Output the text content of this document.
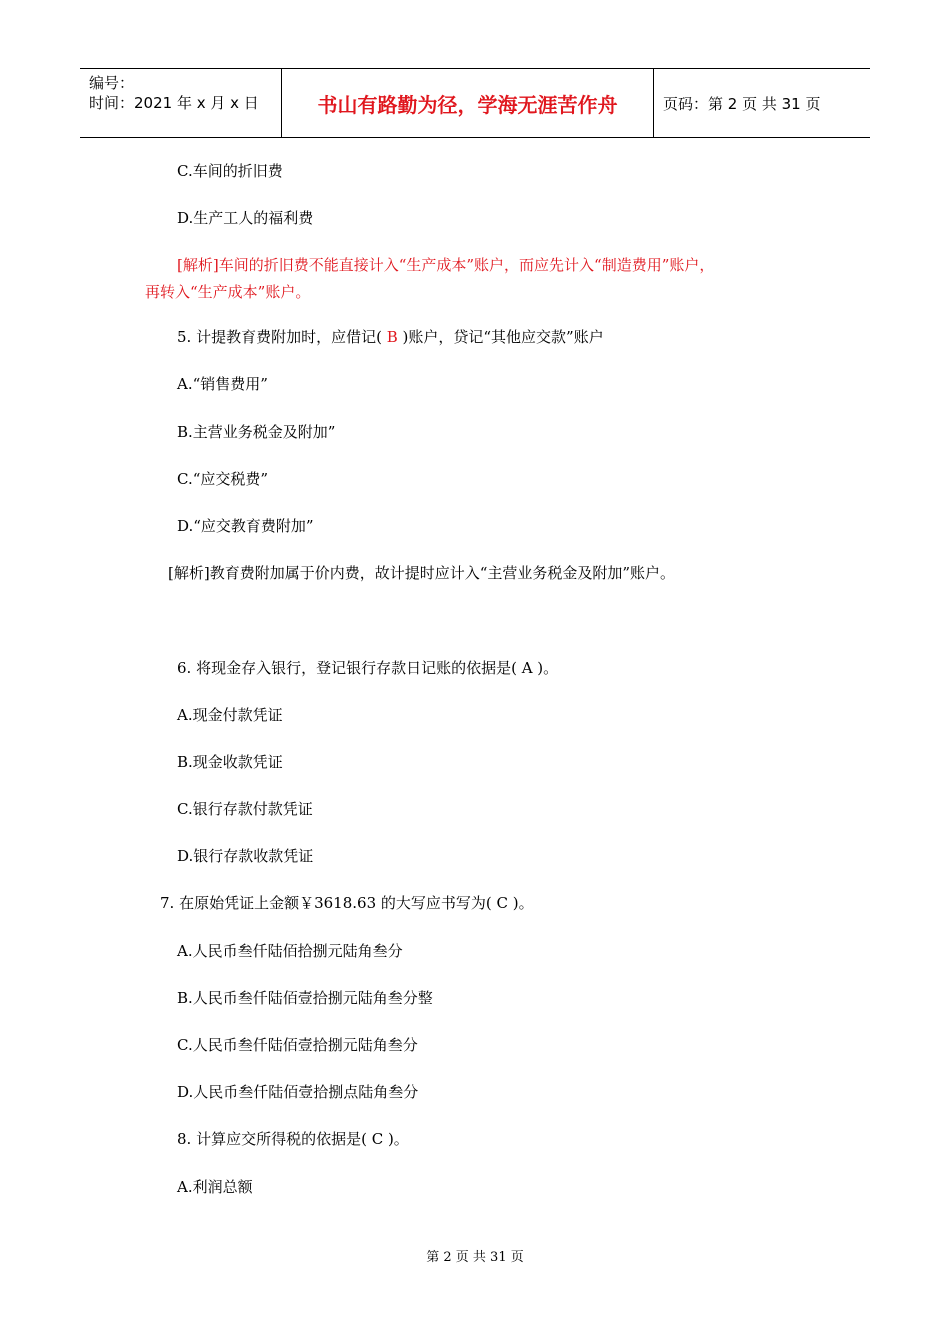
编号：
时间：2021 年 x 月 x 日	书山有路勤为径，学海无涯苦作舟	页码：第 2 页 共 31 页
C.车间的折旧费
D.生产工人的福利费
[解析]车间的折旧费不能直接计入“生产成本”账户，而应先计入“制造费用”账户，
再转入“生产成本”账户。
5. 计提教育费附加时，应借记( B )账户，贷记“其他应交款”账户
A.“销售费用”
B.主营业务税金及附加”
C.“应交税费”
D.“应交教育费附加”
[解析]教育费附加属于价内费，故计提时应计入“主营业务税金及附加”账户。
6. 将现金存入银行，登记银行存款日记账的依据是( A )。
A.现金付款凭证
B.现金收款凭证
C.银行存款付款凭证
D.银行存款收款凭证
7. 在原始凭证上金额￥3618.63 的大写应书写为( C )。
A.人民币叁仟陆佰拾捌元陆角叁分
B.人民币叁仟陆佰壹拾捌元陆角叁分整
C.人民币叁仟陆佰壹拾捌元陆角叁分
D.人民币叁仟陆佰壹拾捌点陆角叁分
8. 计算应交所得税的依据是( C )。
A.利润总额
第 2 页 共 31 页
